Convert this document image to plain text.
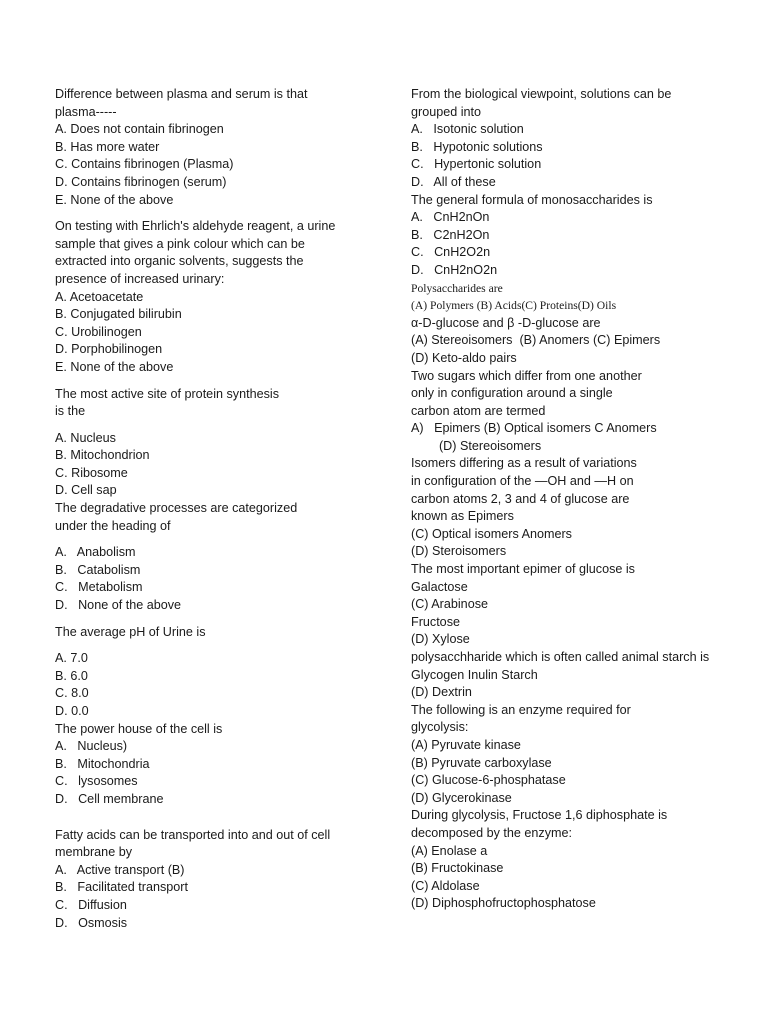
Difference between plasma and serum is that
plasma-----
A. Does not contain fibrinogen
B. Has more water
C. Contains fibrinogen (Plasma)
D. Contains fibrinogen (serum)
E. None of the above
On testing with Ehrlich's aldehyde reagent, a urine
sample that gives a pink colour which can be
extracted into organic solvents, suggests the
presence of increased urinary:
A. Acetoacetate
B. Conjugated bilirubin
C. Urobilinogen
D. Porphobilinogen
E. None of the above
The most active site of protein synthesis
is the
A. Nucleus
B. Mitochondrion
C. Ribosome
D. Cell sap
The degradative processes are categorized
under the heading of
A.   Anabolism
B.   Catabolism
C.   Metabolism
D.   None of the above
The average pH of Urine is
A. 7.0
B. 6.0
C. 8.0
D. 0.0
The power house of the cell is
A.   Nucleus)
B.   Mitochondria
C.   lysosomes
D.   Cell membrane
Fatty acids can be transported into and out of cell
membrane by
A.   Active transport (B)
B.   Facilitated transport
C.   Diffusion
D.   Osmosis
From the biological viewpoint, solutions can be
grouped into
A.   Isotonic solution
B.   Hypotonic solutions
C.   Hypertonic solution
D.   All of these
The general formula of monosaccharides is
A.   CnH2nOn
B.   C2nH2On
C.   CnH2O2n
D.   CnH2nO2n
Polysaccharides are
(A) Polymers (B) Acids(C) Proteins(D) Oils
α-D-glucose and β -D-glucose are
(A) Stereoisomers  (B) Anomers (C) Epimers
(D) Keto-aldo pairs
Two sugars which differ from one another
only in configuration around a single
carbon atom are termed
A)   Epimers (B) Optical isomers C Anomers
(D) Stereoisomers
Isomers differing as a result of variations
in configuration of the —OH and —H on
carbon atoms 2, 3 and 4 of glucose are
known as Epimers
(C) Optical isomers Anomers
(D) Steroisomers
The most important epimer of glucose is
Galactose
(C) Arabinose
Fructose
(D) Xylose
polysacchharide which is often called animal starch is
Glycogen Inulin Starch
(D) Dextrin
The following is an enzyme required for
glycolysis:
(A) Pyruvate kinase
(B) Pyruvate carboxylase
(C) Glucose-6-phosphatase
(D) Glycerokinase
During glycolysis, Fructose 1,6 diphosphate is
decomposed by the enzyme:
(A) Enolase a
(B) Fructokinase
(C) Aldolase
(D) Diphosphofructophosphatose
